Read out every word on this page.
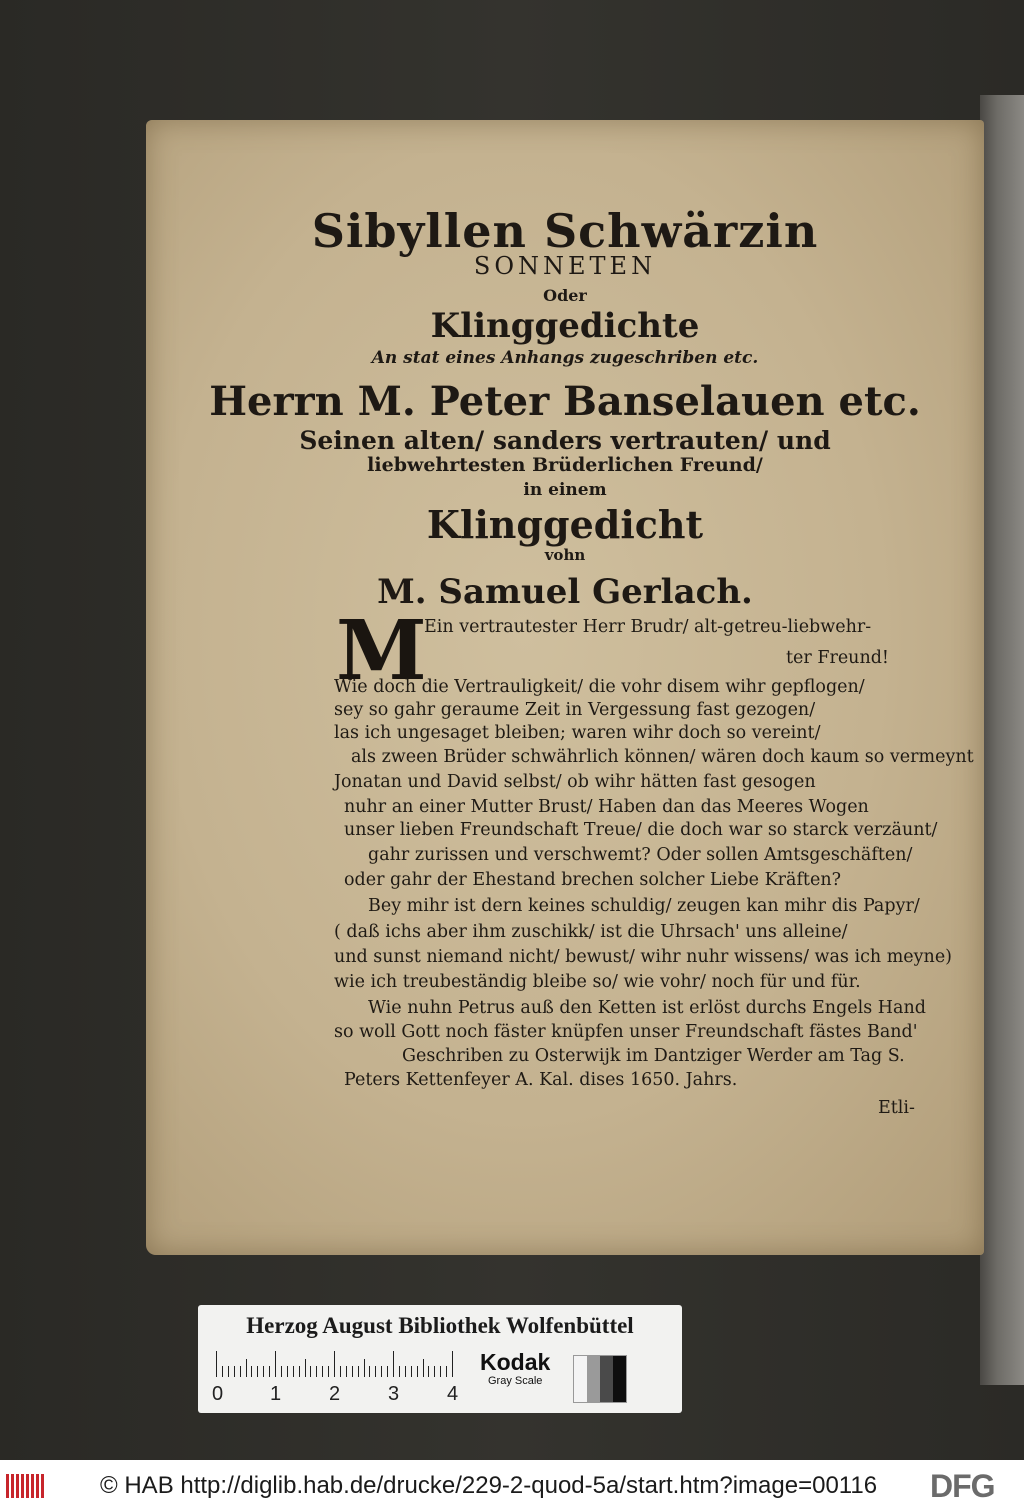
Sibyllen Schwärzin
SONNETEN
Oder
Klinggedichte
An stat eines Anhangs zugeschriben etc.
Herrn M. Peter Banselauen etc.
Seinen alten/ sanders vertrauten/ und
liebwehrtesten Brüderlichen Freund/
in einem
Klinggedicht
vohn
M. Samuel Gerlach.
M
Ein vertrautester Herr Brudr/ alt-getreu-liebwehr-
ter Freund!
Wie doch die Vertrauligkeit/ die vohr disem wihr gepflogen/
sey so gahr geraume Zeit in Vergessung fast gezogen/
las ich ungesaget bleiben; waren wihr doch so vereint/
als zween Brüder schwährlich können/ wären doch kaum so vermeynt
Jonatan und David selbst/ ob wihr hätten fast gesogen
nuhr an einer Mutter Brust/ Haben dan das Meeres Wogen
unser lieben Freundschaft Treue/ die doch war so starck verzäunt/
gahr zurissen und verschwemt? Oder sollen Amtsgeschäften/
oder gahr der Ehestand brechen solcher Liebe Kräften?
Bey mihr ist dern keines schuldig/ zeugen kan mihr dis Papyr/
( daß ichs aber ihm zuschikk/ ist die Uhrsach' uns alleine/
und sunst niemand nicht/ bewust/ wihr nuhr wissens/ was ich meyne)
wie ich treubeständig bleibe so/ wie vohr/ noch für und für.
Wie nuhn Petrus auß den Ketten ist erlöst durchs Engels Hand
so woll Gott noch fäster knüpfen unser Freundschaft fästes Band'
Geschriben zu Osterwijk im Dantziger Werder am Tag S.
Peters Kettenfeyer A. Kal. dises 1650. Jahrs.
Etli-
Herzog August Bibliothek Wolfenbüttel
0 1 2 3 4
Kodak
Gray Scale
© HAB http://diglib.hab.de/drucke/229-2-quod-5a/start.htm?image=00116 DFG
